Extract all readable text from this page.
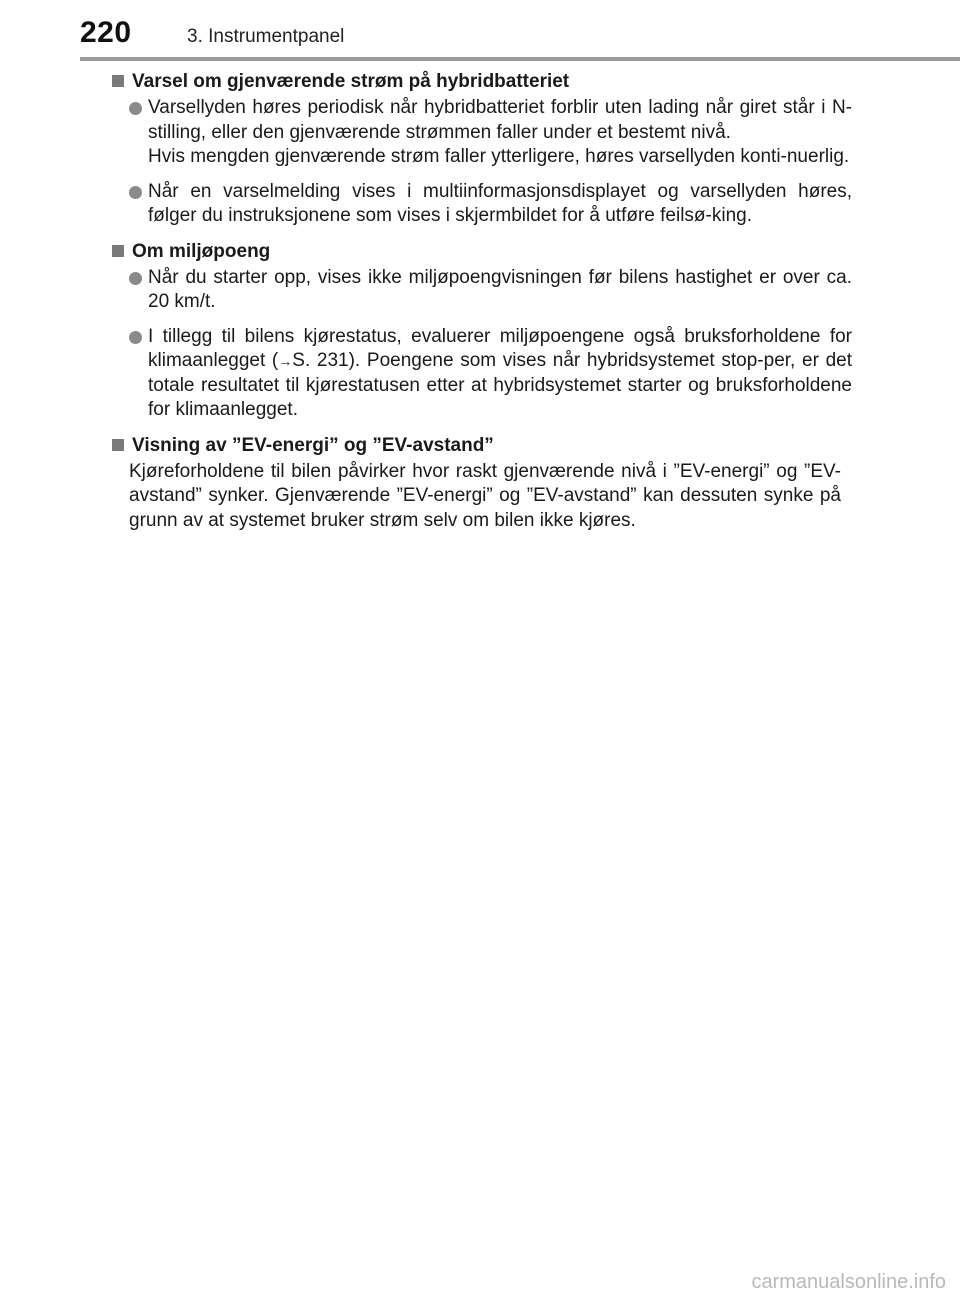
220	3. Instrumentpanel
Varsel om gjenværende strøm på hybridbatteriet
Varsellyden høres periodisk når hybridbatteriet forblir uten lading når giret står i N-stilling, eller den gjenværende strømmen faller under et bestemt nivå.
Hvis mengden gjenværende strøm faller ytterligere, høres varsellyden konti-nuerlig.
Når en varselmelding vises i multiinformasjonsdisplayet og varsellyden høres, følger du instruksjonene som vises i skjermbildet for å utføre feilsø-king.
Om miljøpoeng
Når du starter opp, vises ikke miljøpoengvisningen før bilens hastighet er over ca. 20 km/t.
I tillegg til bilens kjørestatus, evaluerer miljøpoengene også bruksforholdene for klimaanlegget (→S. 231). Poengene som vises når hybridsystemet stop-per, er det totale resultatet til kjørestatusen etter at hybridsystemet starter og bruksforholdene for klimaanlegget.
Visning av ”EV-energi” og ”EV-avstand”
Kjøreforholdene til bilen påvirker hvor raskt gjenværende nivå i ”EV-energi” og ”EV-avstand” synker. Gjenværende ”EV-energi” og ”EV-avstand” kan dessuten synke på grunn av at systemet bruker strøm selv om bilen ikke kjøres.
carmanualsonline.info
